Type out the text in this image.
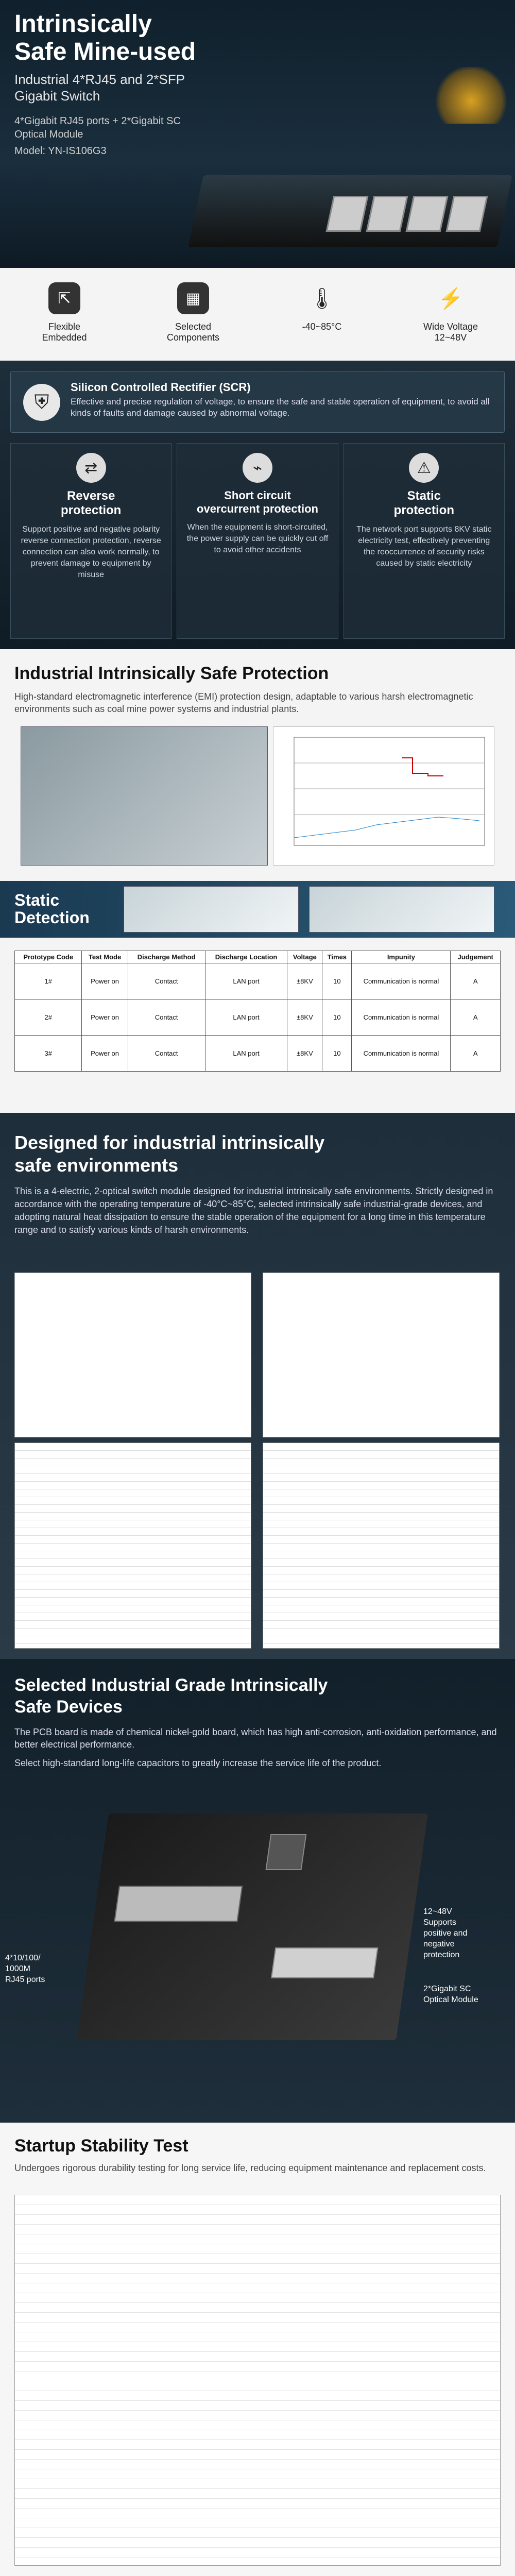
Intrinsically
Safe Mine-used
Industrial 4*RJ45 and 2*SFP
Gigabit Switch
4*Gigabit RJ45 ports + 2*Gigabit SC
Optical Module
Model: YN-IS106G3
⇱
Flexible
Embedded
▦
Selected
Components
🌡
-40~85°C
⚡
Wide Voltage
12~48V
⛨
Silicon Controlled Rectifier (SCR)
Effective and precise regulation of voltage, to ensure the safe and stable operation of equipment, to avoid all kinds of faults and damage caused by abnormal voltage.
⇄
Reverse
protection
Support positive and negative polarity reverse connection protection, reverse connection can also work normally, to prevent damage to equipment by misuse
⌁
Short circuit
overcurrent protection
When the equipment is short-circuited, the power supply can be quickly cut off to avoid other accidents
⚠
Static
protection
The network port supports 8KV static electricity test, effectively preventing the reoccurrence of security risks caused by static electricity
Industrial Intrinsically Safe Protection

High-standard electromagnetic interference (EMI) protection design, adaptable to various harsh electromagnetic environments such as coal mine power systems and industrial plants.

Static
Detection
Prototype Code	Test Mode	Discharge Method	Discharge Location	Voltage	Times	Impunity	Judgement
1#	Power on	Contact	LAN port	±8KV	10	Communication is normal	A
2#	Power on	Contact	LAN port	±8KV	10	Communication is normal	A
3#	Power on	Contact	LAN port	±8KV	10	Communication is normal	A
Designed for industrial intrinsically
safe environments

This is a 4-electric, 2-optical switch module designed for industrial intrinsically safe environments. Strictly designed in accordance with the operating temperature of -40°C~85°C, selected intrinsically safe industrial-grade devices, and adopting natural heat dissipation to ensure the stable operation of the equipment for a long time in this temperature range and to satisfy various kinds of harsh environments.

Selected Industrial Grade Intrinsically
Safe Devices

The PCB board is made of chemical nickel-gold board, which has high anti-corrosion, anti-oxidation performance, and better electrical performance.

Select high-standard long-life capacitors to greatly increase the service life of the product.

12~48V
Supports
positive and
negative
protection
4*10/100/
1000M
RJ45 ports
2*Gigabit SC
Optical Module
Startup Stability Test

Undergoes rigorous durability testing for long service life, reducing equipment maintenance and replacement costs.
